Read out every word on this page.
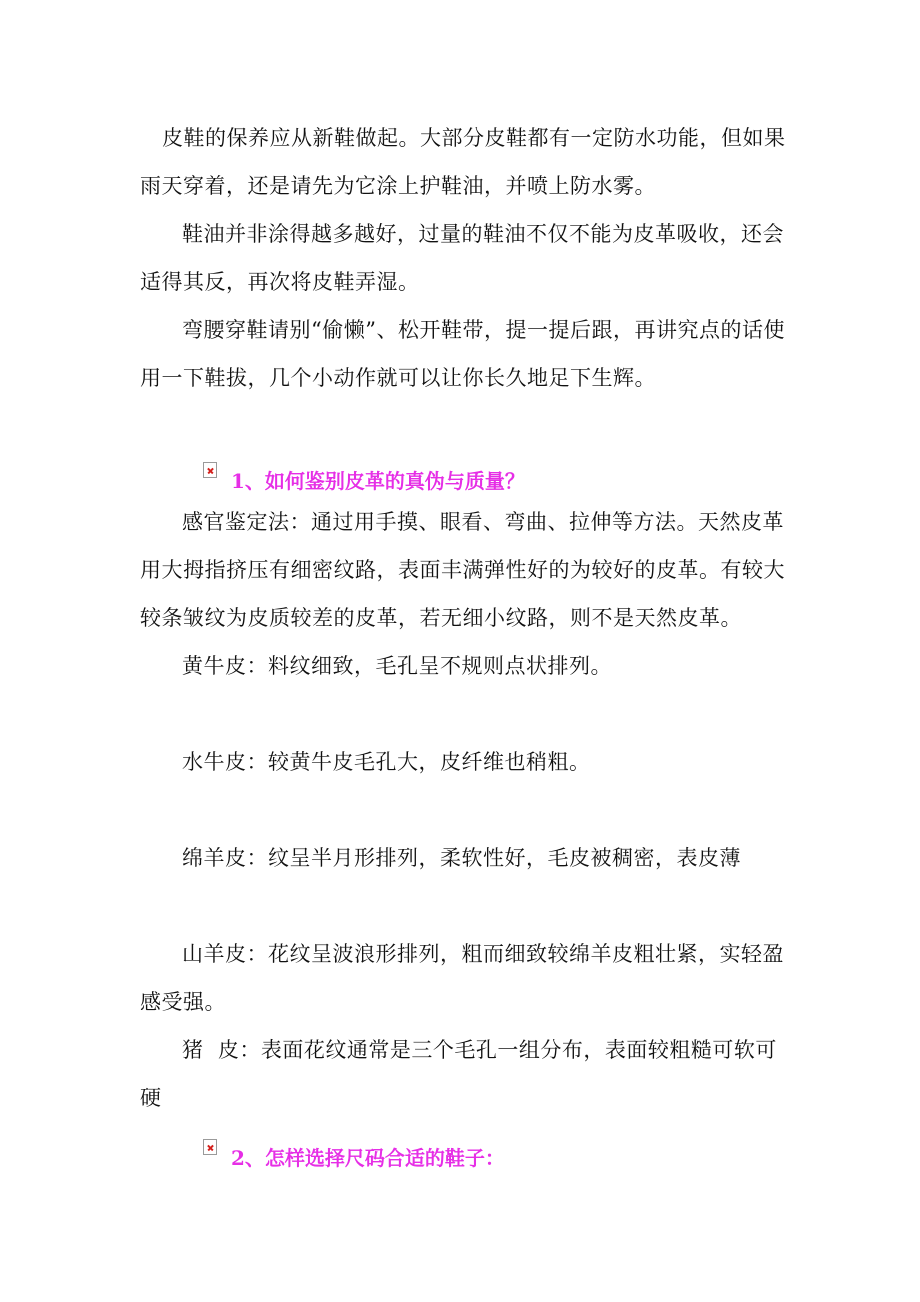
皮鞋的保养应从新鞋做起。大部分皮鞋都有一定防水功能，但如果
雨天穿着，还是请先为它涂上护鞋油，并喷上防水雾。
鞋油并非涂得越多越好，过量的鞋油不仅不能为皮革吸收，还会
适得其反，再次将皮鞋弄湿。
弯腰穿鞋请别“偷懒”、松开鞋带，提一提后跟，再讲究点的话使
用一下鞋拔，几个小动作就可以让你长久地足下生辉。
1、如何鉴别皮革的真伪与质量？
感官鉴定法：通过用手摸、眼看、弯曲、拉伸等方法。天然皮革
用大拇指挤压有细密纹路，表面丰满弹性好的为较好的皮革。有较大
较条皱纹为皮质较差的皮革，若无细小纹路，则不是天然皮革。
黄牛皮：料纹细致，毛孔呈不规则点状排列。
水牛皮：较黄牛皮毛孔大，皮纤维也稍粗。
绵羊皮：纹呈半月形排列，柔软性好，毛皮被稠密，表皮薄
山羊皮：花纹呈波浪形排列，粗而细致较绵羊皮粗壮紧，实轻盈
感受强。
猪  皮：表面花纹通常是三个毛孔一组分布，表面较粗糙可软可
硬
2、怎样选择尺码合适的鞋子：
